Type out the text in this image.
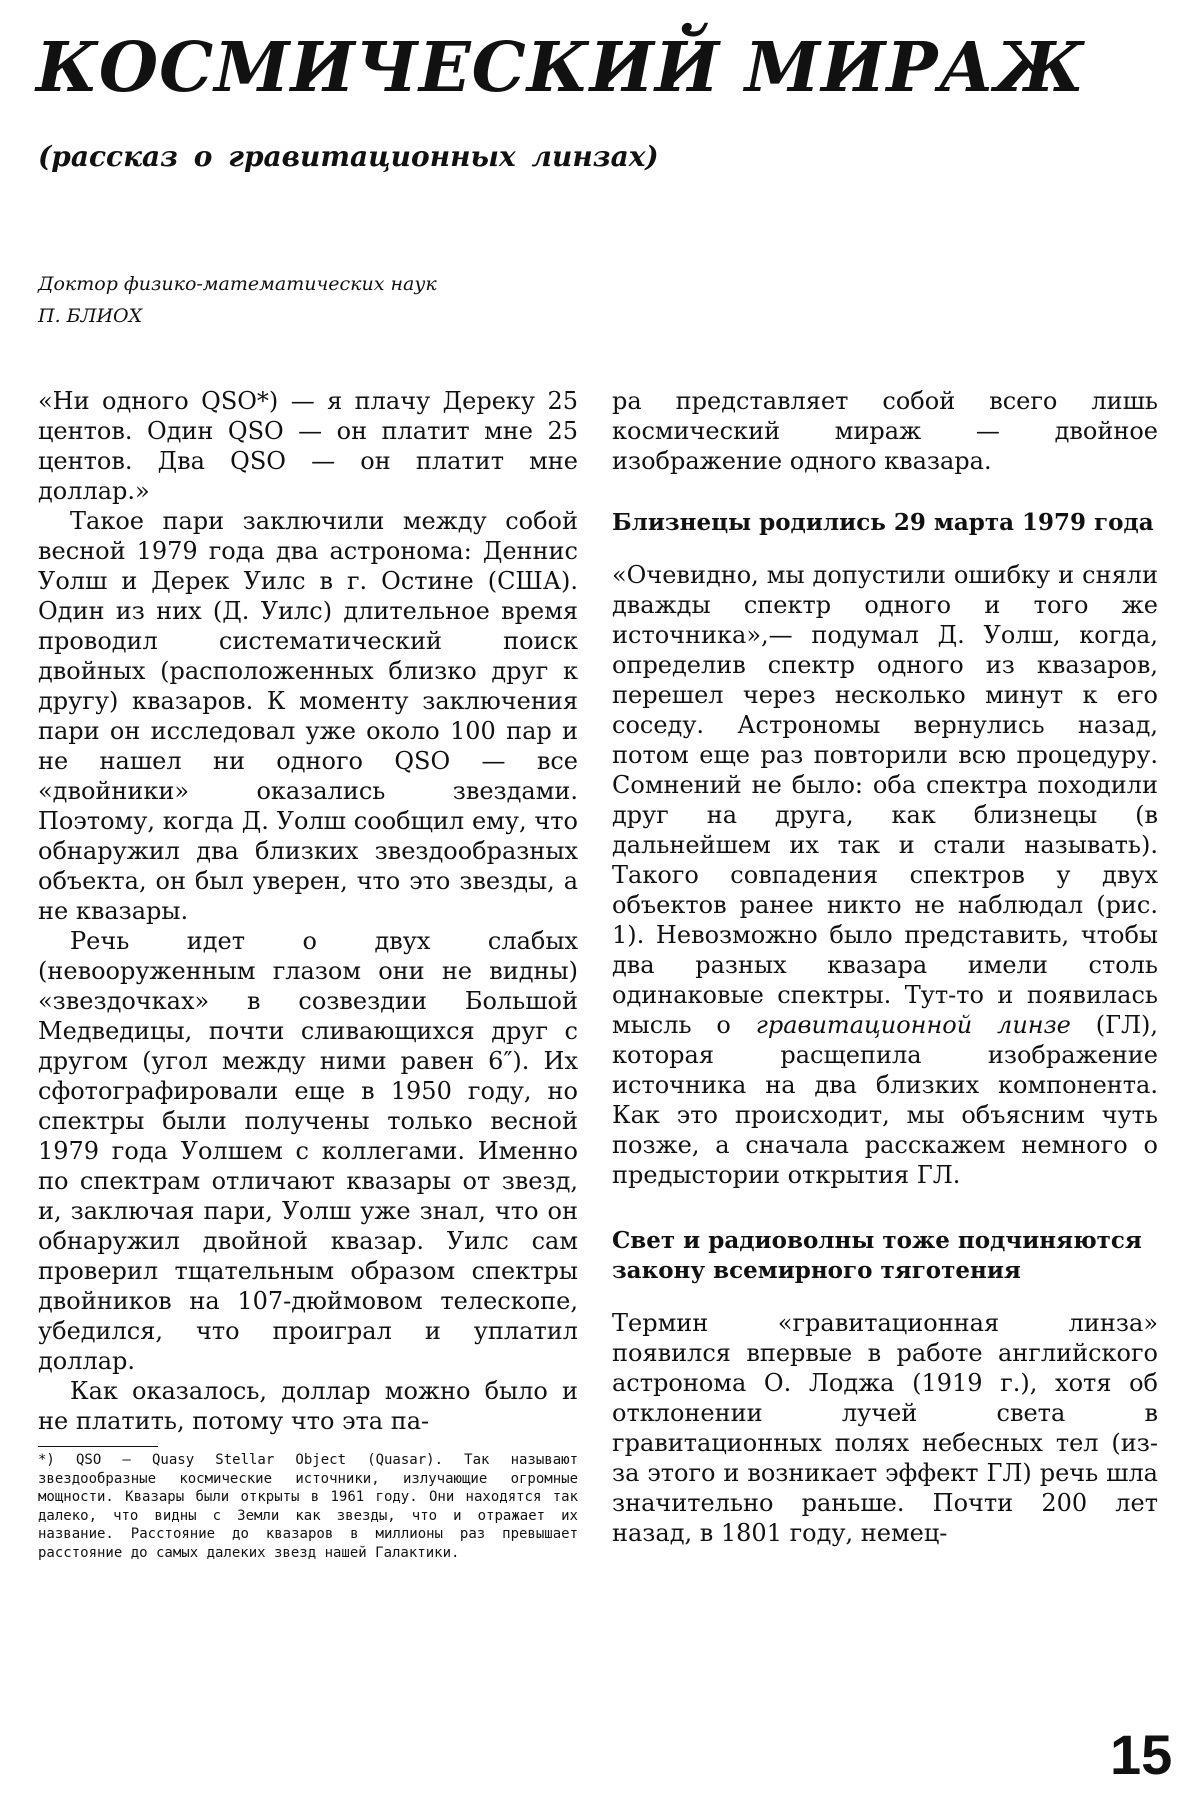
КОСМИЧЕСКИЙ МИРАЖ
(рассказ о гравитационных линзах)
Доктор физико-математических наук
П. БЛИОХ

«Ни одного QSO*) — я плачу Дереку 25 центов. Один QSO — он платит мне 25 центов. Два QSO — он платит мне доллар.»

Такое пари заключили между собой весной 1979 года два астронома: Деннис Уолш и Дерек Уилс в г. Остине (США). Один из них (Д. Уилс) длительное время проводил систематический поиск двойных (расположенных близко друг к другу) квазаров. К моменту заключения пари он исследовал уже около 100 пар и не нашел ни одного QSO — все «двойники» оказались звездами. Поэтому, когда Д. Уолш сообщил ему, что обнаружил два близких звездообразных объекта, он был уверен, что это звезды, а не квазары.

Речь идет о двух слабых (невооруженным глазом они не видны) «звездочках» в созвездии Большой Медведицы, почти сливающихся друг с другом (угол между ними равен 6″). Их сфотографировали еще в 1950 году, но спектры были получены только весной 1979 года Уолшем с коллегами. Именно по спектрам отличают квазары от звезд, и, заключая пари, Уолш уже знал, что он обнаружил двойной квазар. Уилс сам проверил тщательным образом спектры двойников на 107-дюймовом телескопе, убедился, что проиграл и уплатил доллар.

Как оказалось, доллар можно было и не платить, потому что эта па-

*) QSO — Quasy Stellar Object (Quasar). Так называют звездообразные космические источники, излучающие огромные мощности. Квазары были открыты в 1961 году. Они находятся так далеко, что видны с Земли как звезды, что и отражает их название. Расстояние до квазаров в миллионы раз превышает расстояние до самых далеких звезд нашей Галактики.

ра представляет собой всего лишь космический мираж — двойное изображение одного квазара.

Близнецы родились 29 марта 1979 года

«Очевидно, мы допустили ошибку и сняли дважды спектр одного и того же источника»,— подумал Д. Уолш, когда, определив спектр одного из квазаров, перешел через несколько минут к его соседу. Астрономы вернулись назад, потом еще раз повторили всю процедуру. Сомнений не было: оба спектра походили друг на друга, как близнецы (в дальнейшем их так и стали называть). Такого совпадения спектров у двух объектов ранее никто не наблюдал (рис. 1). Невозможно было представить, чтобы два разных квазара имели столь одинаковые спектры. Тут-то и появилась мысль о гравитационной линзе (ГЛ), которая расщепила изображение источника на два близких компонента. Как это происходит, мы объясним чуть позже, а сначала расскажем немного о предыстории открытия ГЛ.

Свет и радиоволны тоже подчиняются закону всемирного тяготения

Термин «гравитационная линза» появился впервые в работе английского астронома О. Лоджа (1919 г.), хотя об отклонении лучей света в гравитационных полях небесных тел (из-за этого и возникает эффект ГЛ) речь шла значительно раньше. Почти 200 лет назад, в 1801 году, немец-

15
